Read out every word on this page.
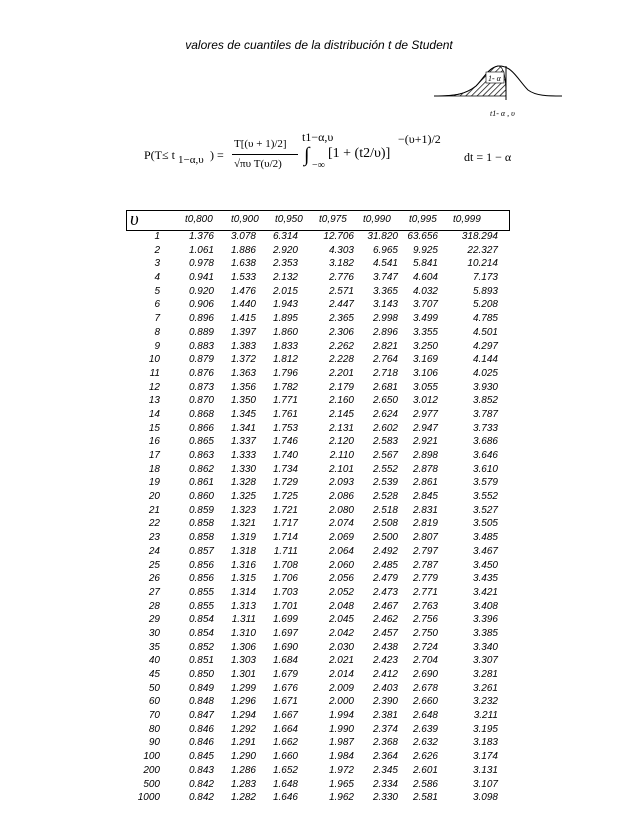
valores de cuantiles de la distribución t de Student
1- α
t1- α , υ
P(T≤ t 1−α,υ ) =
T[(υ + 1)/2]
√πυ T(υ/2)
t1−α,υ
∫ −∞
[1 + (t2/υ)]
−(υ+1)/2
dt = 1 − α
υ	t0,800 t0,900 t0,950 t0,975 t0,990 t0,995 t0,999
1	1.376 3.078 6.314	12.706 31.820 63.656 318.294
2	1.061 1.886 2.920	4.303 6.965 9.925	22.327
3	0.978 1.638 2.353	3.182 4.541 5.841	10.214
4	0.941 1.533 2.132	2.776 3.747 4.604	7.173
5	0.920 1.476 2.015	2.571 3.365 4.032	5.893
6	0.906 1.440 1.943	2.447 3.143 3.707	5.208
7	0.896 1.415 1.895	2.365 2.998 3.499	4.785
8	0.889 1.397 1.860	2.306 2.896 3.355	4.501
9	0.883 1.383 1.833	2.262 2.821 3.250	4.297
10	0.879 1.372 1.812	2.228 2.764 3.169	4.144
11	0.876 1.363 1.796	2.201 2.718 3.106	4.025
12	0.873 1.356 1.782	2.179 2.681 3.055	3.930
13	0.870 1.350 1.771	2.160 2.650 3.012	3.852
14	0.868 1.345 1.761	2.145 2.624 2.977	3.787
15	0.866 1.341 1.753	2.131 2.602 2.947	3.733
16	0.865 1.337 1.746	2.120 2.583 2.921	3.686
17	0.863 1.333 1.740	2.110 2.567 2.898	3.646
18	0.862 1.330 1.734	2.101 2.552 2.878	3.610
19	0.861 1.328 1.729	2.093 2.539 2.861	3.579
20	0.860 1.325 1.725	2.086 2.528 2.845	3.552
21	0.859 1.323 1.721	2.080 2.518 2.831	3.527
22	0.858 1.321 1.717	2.074 2.508 2.819	3.505
23	0.858 1.319 1.714	2.069 2.500 2.807	3.485
24	0.857 1.318 1.711	2.064 2.492 2.797	3.467
25	0.856 1.316 1.708	2.060 2.485 2.787	3.450
26	0.856 1.315 1.706	2.056 2.479 2.779	3.435
27	0.855 1.314 1.703	2.052 2.473 2.771	3.421
28	0.855 1.313 1.701	2.048 2.467 2.763	3.408
29	0.854 1.311 1.699	2.045 2.462 2.756	3.396
30	0.854 1.310 1.697	2.042 2.457 2.750	3.385
35	0.852 1.306 1.690	2.030 2.438 2.724	3.340
40	0.851 1.303 1.684	2.021 2.423 2.704	3.307
45	0.850 1.301 1.679	2.014 2.412 2.690	3.281
50	0.849 1.299 1.676	2.009 2.403 2.678	3.261
60	0.848 1.296 1.671	2.000 2.390 2.660	3.232
70	0.847 1.294 1.667	1.994 2.381 2.648	3.211
80	0.846 1.292 1.664	1.990 2.374 2.639	3.195
90	0.846 1.291 1.662	1.987 2.368 2.632	3.183
100	0.845 1.290 1.660	1.984 2.364 2.626	3.174
200	0.843 1.286 1.652	1.972 2.345 2.601	3.131
500	0.842 1.283 1.648	1.965 2.334 2.586	3.107
1000	0.842 1.282 1.646	1.962 2.330 2.581	3.098
